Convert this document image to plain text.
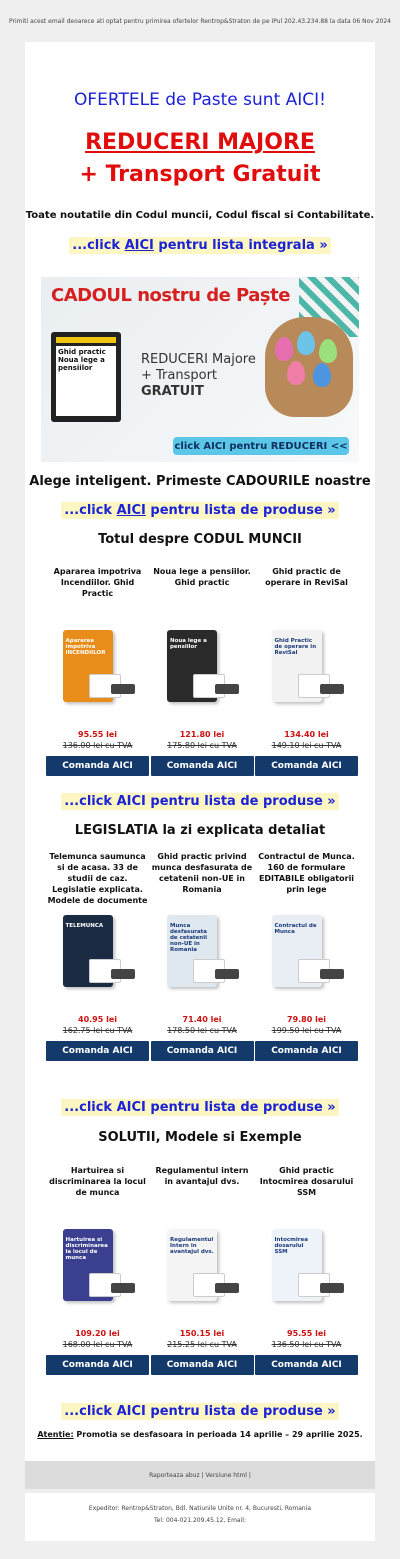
Primiti acest email deoarece ati optat pentru primirea ofertelor Rentrop&Straton de pe IPul 202.43.234.88 la data 06 Nov 2024
OFERTELE de Paste sunt AICI!
REDUCERI MAJORE
+ Transport Gratuit
Toate noutatile din Codul muncii, Codul fiscal si Contabilitate.
...click AICI pentru lista integrala »
CADOUL nostru de Paște
Ghid practic
Noua lege a pensiilor
REDUCERI Majore
+ Transport GRATUIT
click AICI pentru REDUCERI <<
Alege inteligent. Primeste CADOURILE noastre
...click AICI pentru lista de produse »
Totul despre CODUL MUNCII
Apararea impotriva Incendiilor. Ghid Practic
Apararea impotriva INCENDIILOR
95.55 lei
136.00 lei cu TVA
Comanda AICI
Noua lege a pensiilor. Ghid practic
Noua lege a pensiilor
121.80 lei
175.80 lei cu TVA
Comanda AICI
Ghid practic de operare in ReviSal
Ghid Practic de operare in ReviSal
134.40 lei
149.10 lei cu TVA
Comanda AICI
...click AICI pentru lista de produse »
LEGISLATIA la zi explicata detaliat
Telemunca saumunca si de acasa. 33 de studii de caz. Legislatie explicata. Modele de documente
TELEMUNCA
40.95 lei
162.75 lei cu TVA
Comanda AICI
Ghid practic privind munca desfasurata de cetatenii non-UE in Romania
Munca desfasurata de cetatenii non-UE in Romania
71.40 lei
178.50 lei cu TVA
Comanda AICI
Contractul de Munca. 160 de formulare EDITABILE obligatorii prin lege
Contractul de Munca
79.80 lei
199.50 lei cu TVA
Comanda AICI
...click AICI pentru lista de produse »
SOLUTII, Modele si Exemple
Hartuirea si discriminarea la locul de munca
Hartuirea si discriminarea la locul de munca
109.20 lei
168.00 lei cu TVA
Comanda AICI
Regulamentul intern in avantajul dvs.
Regulamentul Intern in avantajul dvs.
150.15 lei
215.25 lei cu TVA
Comanda AICI
Ghid practic Intocmirea dosarului SSM
Intocmirea dosarului SSM
95.55 lei
136.50 lei cu TVA
Comanda AICI
...click AICI pentru lista de produse »
Atentie: Promotia se desfasoara in perioada 14 aprilie – 29 aprilie 2025.
Raporteaza abuz | Versiune html |
Expeditor: Rentrop&Straton, Bdl. Natiunile Unite nr. 4, Bucuresti, Romania
Tel: 004-021.209.45.12, Email:
